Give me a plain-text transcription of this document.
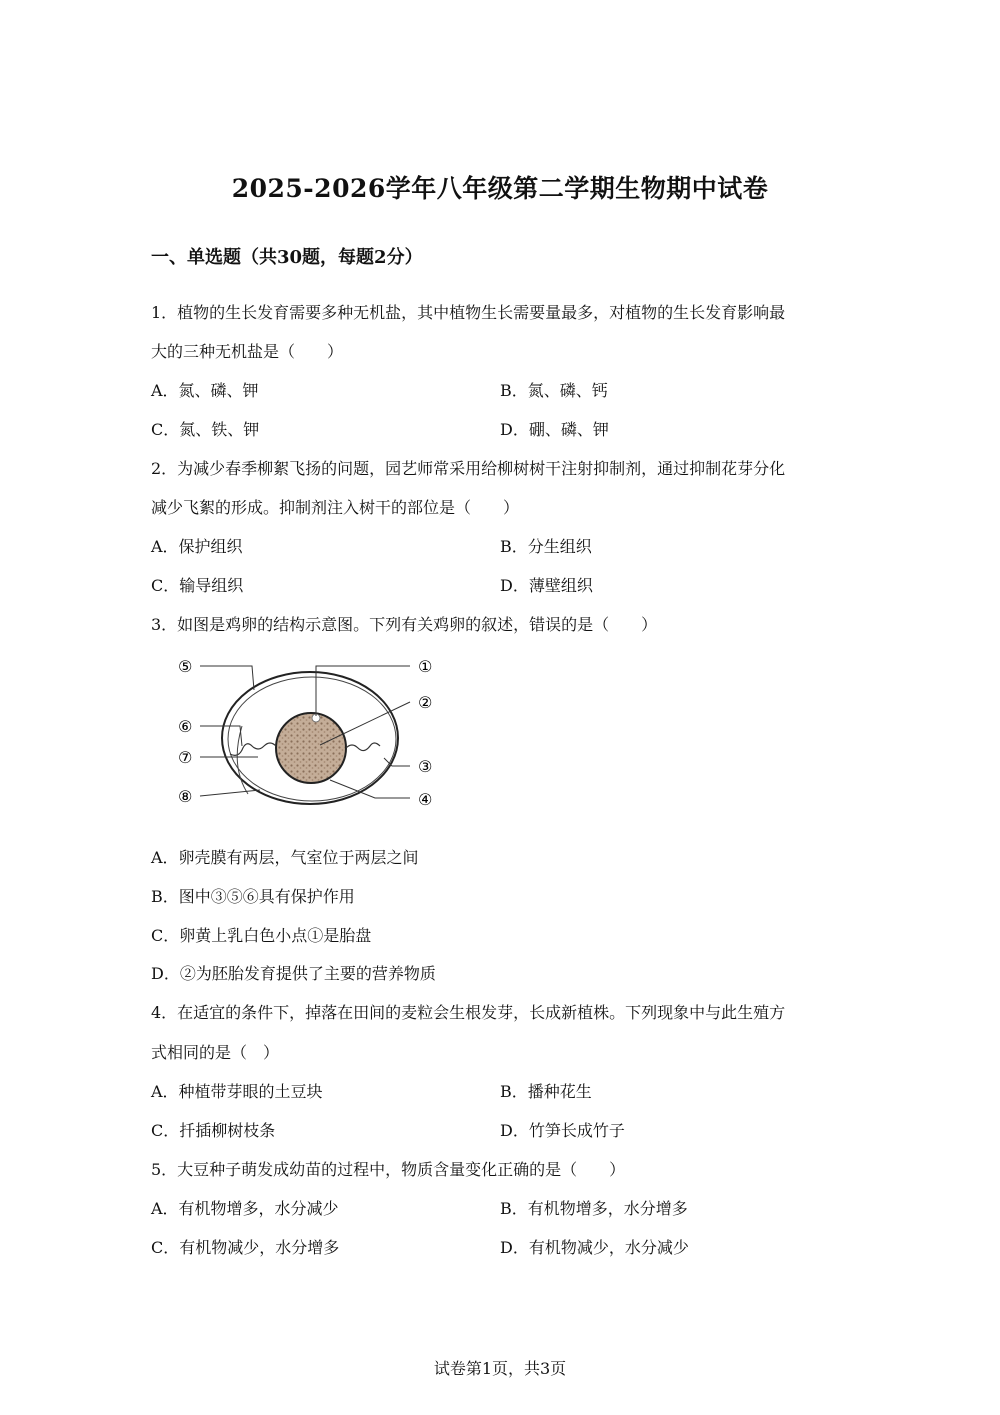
2025-2026学年八年级第二学期生物期中试卷
一、单选题（共30题，每题2分）
1．植物的生长发育需要多种无机盐，其中植物生长需要量最多，对植物的生长发育影响最
大的三种无机盐是（　　）
A．氮、磷、钾	B．氮、磷、钙
C．氮、铁、钾	D．硼、磷、钾
2．为减少春季柳絮飞扬的问题，园艺师常采用给柳树树干注射抑制剂，通过抑制花芽分化
减少飞絮的形成。抑制剂注入树干的部位是（　　）
A．保护组织	B．分生组织
C．输导组织	D．薄壁组织
3．如图是鸡卵的结构示意图。下列有关鸡卵的叙述，错误的是（　　）
①
②
③
④
⑤
⑥
⑦
⑧
A．卵壳膜有两层，气室位于两层之间
B．图中③⑤⑥具有保护作用
C．卵黄上乳白色小点①是胎盘
D．②为胚胎发育提供了主要的营养物质
4．在适宜的条件下，掉落在田间的麦粒会生根发芽，长成新植株。下列现象中与此生殖方
式相同的是（　）
A．种植带芽眼的土豆块	B．播种花生
C．扦插柳树枝条	D．竹笋长成竹子
5．大豆种子萌发成幼苗的过程中，物质含量变化正确的是（　　）
A．有机物增多，水分减少	B．有机物增多，水分增多
C．有机物减少，水分增多	D．有机物减少，水分减少
试卷第1页，共3页
